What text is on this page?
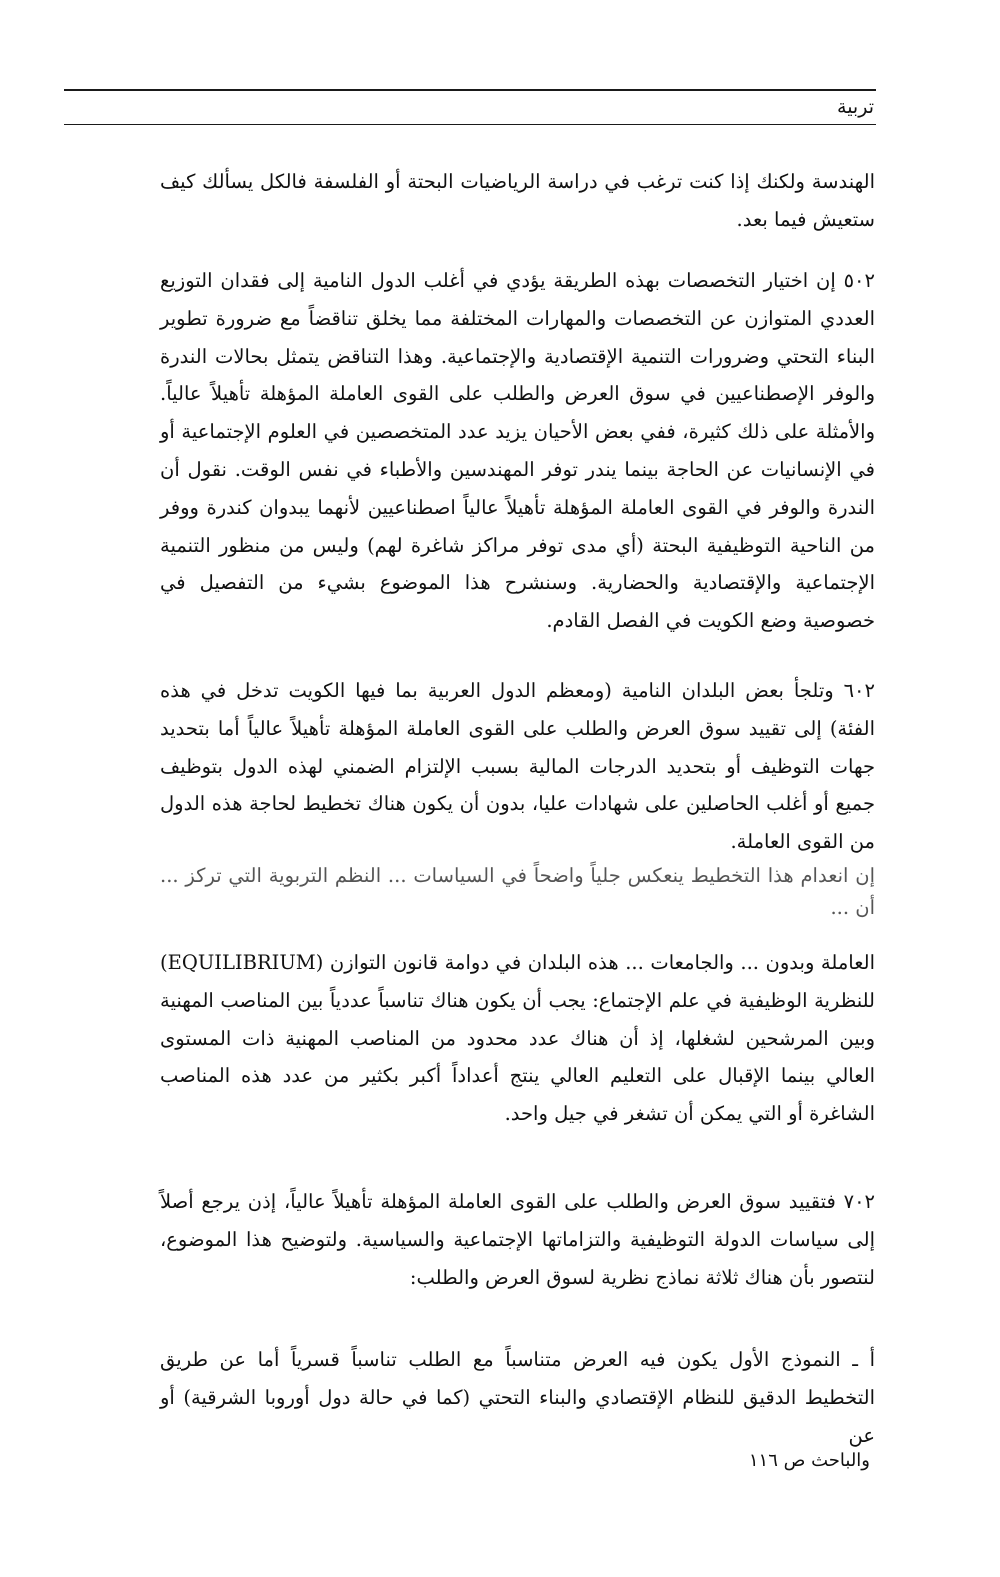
تربية

الهندسة ولكنك إذا كنت ترغب في دراسة الرياضيات البحتة أو الفلسفة فالكل يسألك كيف ستعيش فيما بعد.

٥٠٢ إن اختيار التخصصات بهذه الطريقة يؤدي في أغلب الدول النامية إلى فقدان التوزيع العددي المتوازن عن التخصصات والمهارات المختلفة مما يخلق تناقضاً مع ضرورة تطوير البناء التحتي وضرورات التنمية الإقتصادية والإجتماعية. وهذا التناقض يتمثل بحالات الندرة والوفر الإصطناعيين في سوق العرض والطلب على القوى العاملة المؤهلة تأهيلاً عالياً. والأمثلة على ذلك كثيرة، ففي بعض الأحيان يزيد عدد المتخصصين في العلوم الإجتماعية أو في الإنسانيات عن الحاجة بينما يندر توفر المهندسين والأطباء في نفس الوقت. نقول أن الندرة والوفر في القوى العاملة المؤهلة تأهيلاً عالياً اصطناعيين لأنهما يبدوان كندرة ووفر من الناحية التوظيفية البحتة (أي مدى توفر مراكز شاغرة لهم) وليس من منظور التنمية الإجتماعية والإقتصادية والحضارية. وسنشرح هذا الموضوع بشيء من التفصيل في خصوصية وضع الكويت في الفصل القادم.

٦٠٢ وتلجأ بعض البلدان النامية (ومعظم الدول العربية بما فيها الكويت تدخل في هذه الفئة) إلى تقييد سوق العرض والطلب على القوى العاملة المؤهلة تأهيلاً عالياً أما بتحديد جهات التوظيف أو بتحديد الدرجات المالية بسبب الإلتزام الضمني لهذه الدول بتوظيف جميع أو أغلب الحاصلين على شهادات عليا، بدون أن يكون هناك تخطيط لحاجة هذه الدول من القوى العاملة.

إن انعدام هذا التخطيط ينعكس جلياً واضحاً في السياسات ... النظم التربوية التي تركز ... أن ...

العاملة وبدون ... والجامعات ... هذه البلدان في دوامة قانون التوازن (EQUILIBRIUM) للنظرية الوظيفية في علم الإجتماع: يجب أن يكون هناك تناسباً عددياً بين المناصب المهنية وبين المرشحين لشغلها، إذ أن هناك عدد محدود من المناصب المهنية ذات المستوى العالي بينما الإقبال على التعليم العالي ينتج أعداداً أكبر بكثير من عدد هذه المناصب الشاغرة أو التي يمكن أن تشغر في جيل واحد.

٧٠٢ فتقييد سوق العرض والطلب على القوى العاملة المؤهلة تأهيلاً عالياً، إذن يرجع أصلاً إلى سياسات الدولة التوظيفية والتزاماتها الإجتماعية والسياسية. ولتوضيح هذا الموضوع، لنتصور بأن هناك ثلاثة نماذج نظرية لسوق العرض والطلب:

أ ـ النموذج الأول يكون فيه العرض متناسباً مع الطلب تناسباً قسرياً أما عن طريق التخطيط الدقيق للنظام الإقتصادي والبناء التحتي (كما في حالة دول أوروبا الشرقية) أو عن

والباحث ص ١١٦
